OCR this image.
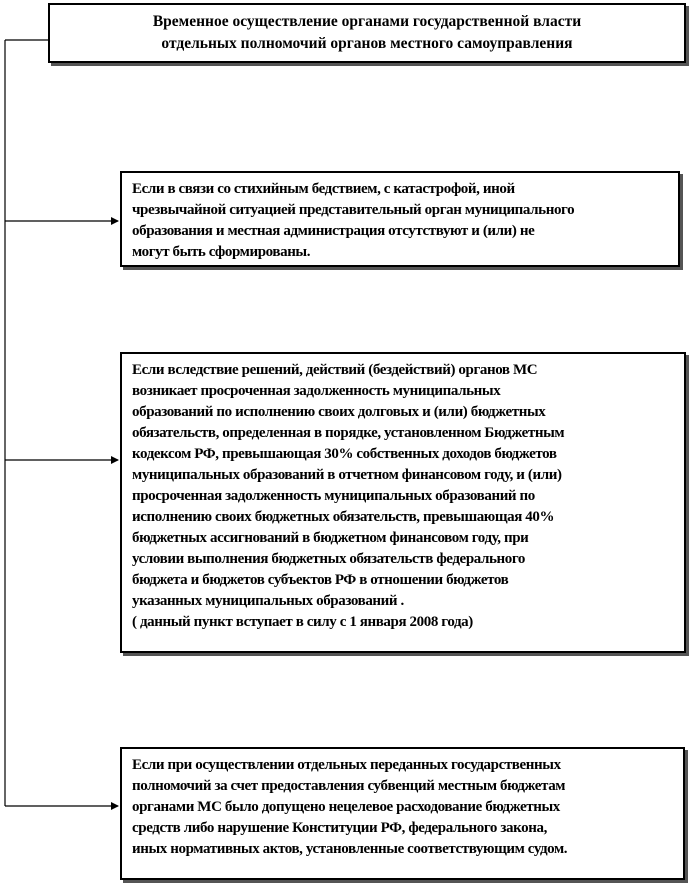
Временное осуществление органами государственной власти
отдельных полномочий органов местного самоуправления
Если в связи со стихийным бедствием, с катастрофой, иной
чрезвычайной ситуацией представительный орган муниципального
образования и местная администрация отсутствуют и (или) не
могут быть сформированы.
Если вследствие решений, действий (бездействий) органов МС
возникает просроченная задолженность муниципальных
образований по исполнению своих долговых и (или) бюджетных
обязательств, определенная в порядке, установленном Бюджетным
кодексом РФ, превышающая 30% собственных доходов бюджетов
муниципальных образований в отчетном финансовом году, и (или)
просроченная задолженность муниципальных образований по
исполнению своих бюджетных обязательств, превышающая 40%
бюджетных ассигнований в бюджетном финансовом году, при
условии выполнения бюджетных обязательств федерального
бюджета и бюджетов субъектов РФ в отношении бюджетов
указанных муниципальных образований .
( данный пункт вступает в силу с 1 января 2008 года)
Если при осуществлении отдельных переданных государственных
полномочий за счет предоставления субвенций местным бюджетам
органами МС было допущено нецелевое расходование бюджетных
средств либо нарушение Конституции РФ, федерального закона,
иных нормативных актов, установленные соответствующим судом.
